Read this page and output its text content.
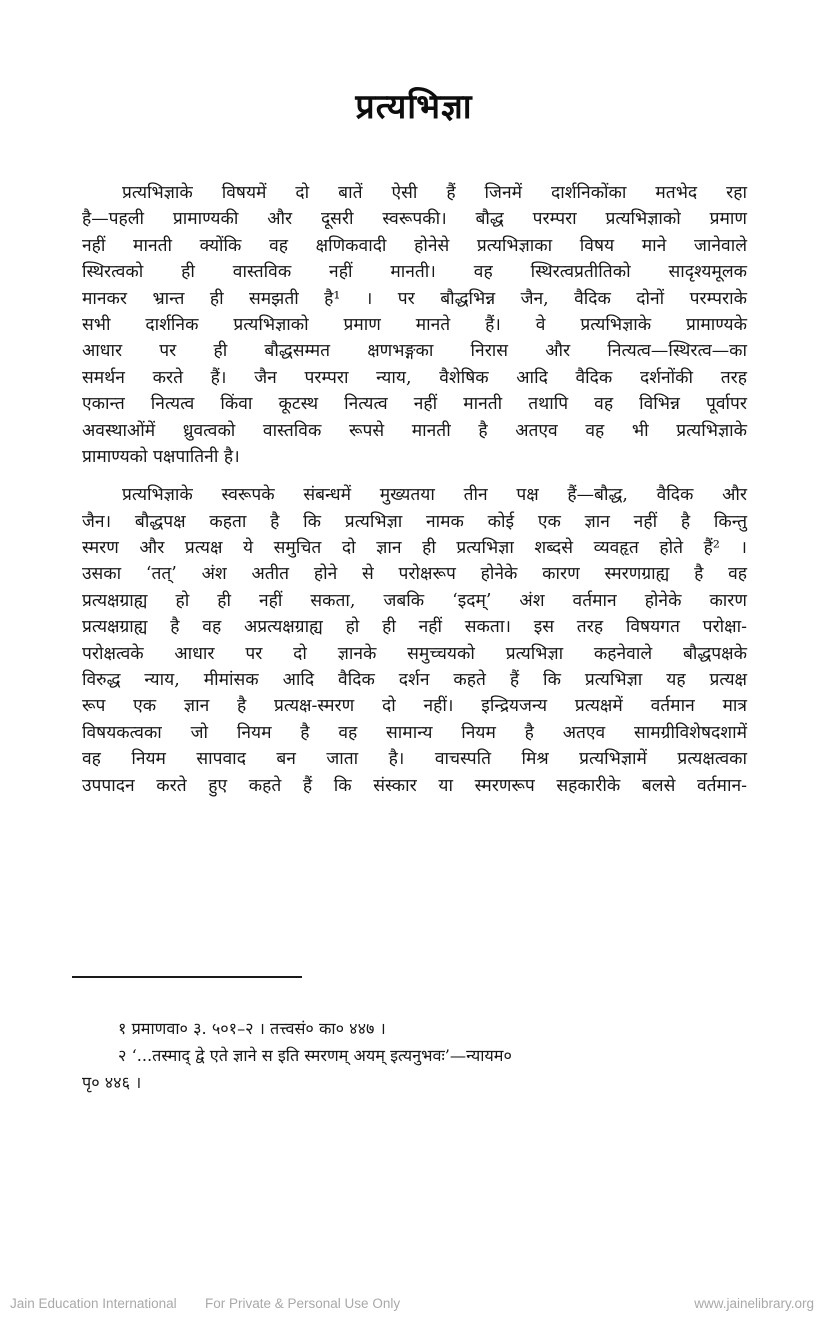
प्रत्यभिज्ञा
प्रत्यभिज्ञाके विषयमें दो बातें ऐसी हैं जिनमें दार्शनिकोंका मतभेद रहा
है—पहली प्रामाण्यकी और दूसरी स्वरूपकी। बौद्ध परम्परा प्रत्यभिज्ञाको प्रमाण
नहीं मानती क्योंकि वह क्षणिकवादी होनेसे प्रत्यभिज्ञाका विषय माने जानेवाले
स्थिरत्वको ही वास्तविक नहीं मानती। वह स्थिरत्वप्रतीतिको सादृश्यमूलक
मानकर भ्रान्त ही समझती है¹ । पर बौद्धभिन्न जैन, वैदिक दोनों परम्पराके
सभी दार्शनिक प्रत्यभिज्ञाको प्रमाण मानते हैं। वे प्रत्यभिज्ञाके प्रामाण्यके
आधार पर ही बौद्धसम्मत क्षणभङ्गका निरास और नित्यत्व—स्थिरत्व—का
समर्थन करते हैं। जैन परम्परा न्याय, वैशेषिक आदि वैदिक दर्शनोंकी तरह
एकान्त नित्यत्व किंवा कूटस्थ नित्यत्व नहीं मानती तथापि वह विभिन्न पूर्वापर
अवस्थाओंमें ध्रुवत्वको वास्तविक रूपसे मानती है अतएव वह भी प्रत्यभिज्ञाके
प्रामाण्यको पक्षपातिनी है।
प्रत्यभिज्ञाके स्वरूपके संबन्धमें मुख्यतया तीन पक्ष हैं—बौद्ध, वैदिक और
जैन। बौद्धपक्ष कहता है कि प्रत्यभिज्ञा नामक कोई एक ज्ञान नहीं है किन्तु
स्मरण और प्रत्यक्ष ये समुचित दो ज्ञान ही प्रत्यभिज्ञा शब्दसे व्यवहृत होते हैं² ।
उसका ‘तत्’ अंश अतीत होने से परोक्षरूप होनेके कारण स्मरणग्राह्य है वह
प्रत्यक्षग्राह्य हो ही नहीं सकता, जबकि ‘इदम्’ अंश वर्तमान होनेके कारण
प्रत्यक्षग्राह्य है वह अप्रत्यक्षग्राह्य हो ही नहीं सकता। इस तरह विषयगत परोक्षा-
परोक्षत्वके आधार पर दो ज्ञानके समुच्चयको प्रत्यभिज्ञा कहनेवाले बौद्धपक्षके
विरुद्ध न्याय, मीमांसक आदि वैदिक दर्शन कहते हैं कि प्रत्यभिज्ञा यह प्रत्यक्ष
रूप एक ज्ञान है प्रत्यक्ष-स्मरण दो नहीं। इन्द्रियजन्य प्रत्यक्षमें वर्तमान मात्र
विषयकत्वका जो नियम है वह सामान्य नियम है अतएव सामग्रीविशेषदशामें
वह नियम सापवाद बन जाता है। वाचस्पति मिश्र प्रत्यभिज्ञामें प्रत्यक्षत्वका
उपपादन करते हुए कहते हैं कि संस्कार या स्मरणरूप सहकारीके बलसे वर्तमान-
१ प्रमाणवा० ३. ५०१–२ । तत्त्वसं० का० ४४७ ।
२ ‘...तस्माद् द्वे एते ज्ञाने स इति स्मरणम् अयम् इत्यनुभवः’—न्यायम०
पृ० ४४६ ।
Jain Education International For Private & Personal Use Only	www.jainelibrary.org
